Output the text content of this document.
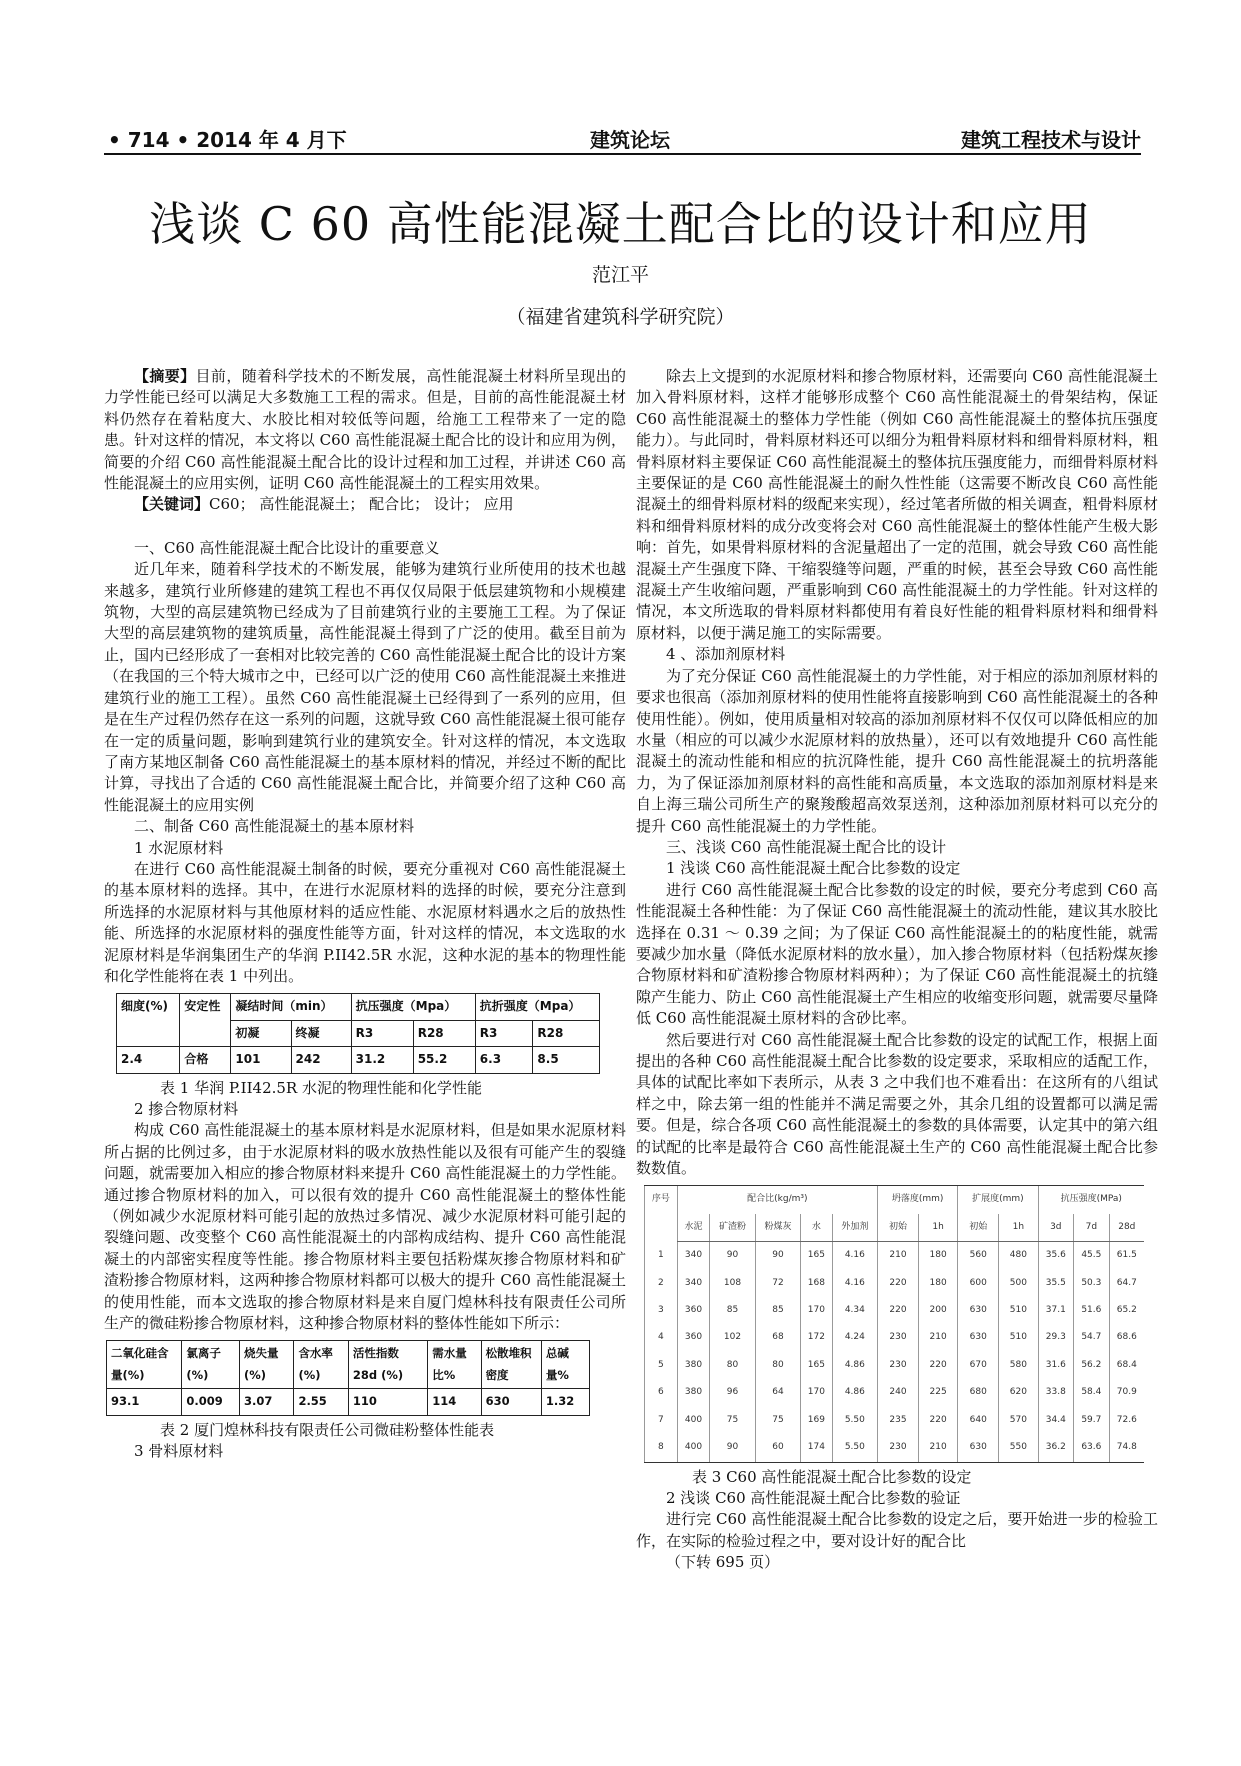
• 714 • 2014 年 4 月下	建筑论坛	建筑工程技术与设计
浅谈 C 60 高性能混凝土配合比的设计和应用
范江平
（福建省建筑科学研究院）

【摘要】目前，随着科学技术的不断发展，高性能混凝土材料所呈现出的力学性能已经可以满足大多数施工工程的需求。但是，目前的高性能混凝土材料仍然存在着粘度大、水胶比相对较低等问题，给施工工程带来了一定的隐患。针对这样的情况，本文将以 C60 高性能混凝土配合比的设计和应用为例，简要的介绍 C60 高性能混凝土配合比的设计过程和加工过程，并讲述 C60 高性能混凝土的应用实例，证明 C60 高性能混凝土的工程实用效果。

【关键词】C60； 高性能混凝土； 配合比； 设计； 应用

一、C60 高性能混凝土配合比设计的重要意义

近几年来，随着科学技术的不断发展，能够为建筑行业所使用的技术也越来越多，建筑行业所修建的建筑工程也不再仅仅局限于低层建筑物和小规模建筑物，大型的高层建筑物已经成为了目前建筑行业的主要施工工程。为了保证大型的高层建筑物的建筑质量，高性能混凝土得到了广泛的使用。截至目前为止，国内已经形成了一套相对比较完善的 C60 高性能混凝土配合比的设计方案（在我国的三个特大城市之中，已经可以广泛的使用 C60 高性能混凝土来推进建筑行业的施工工程）。虽然 C60 高性能混凝土已经得到了一系列的应用，但是在生产过程仍然存在这一系列的问题，这就导致 C60 高性能混凝土很可能存在一定的质量问题，影响到建筑行业的建筑安全。针对这样的情况，本文选取了南方某地区制备 C60 高性能混凝土的基本原材料的情况，并经过不断的配比计算，寻找出了合适的 C60 高性能混凝土配合比，并简要介绍了这种 C60 高性能混凝土的应用实例

二、制备 C60 高性能混凝土的基本原材料

1 水泥原材料

在进行 C60 高性能混凝土制备的时候，要充分重视对 C60 高性能混凝土的基本原材料的选择。其中，在进行水泥原材料的选择的时候，要充分注意到所选择的水泥原材料与其他原材料的适应性能、水泥原材料遇水之后的放热性能、所选择的水泥原材料的强度性能等方面，针对这样的情况，本文选取的水泥原材料是华润集团生产的华润 P.II42.5R 水泥，这种水泥的基本的物理性能和化学性能将在表 1 中列出。

细度(%)	安定性	凝结时间（min）		抗压强度（Mpa）		抗折强度（Mpa）	
		初凝	终凝	R3	R28	R3	R28
2.4	合格	101	242	31.2	55.2	6.3	8.5

表 1 华润 P.II42.5R 水泥的物理性能和化学性能

2 掺合物原材料

构成 C60 高性能混凝土的基本原材料是水泥原材料，但是如果水泥原材料所占据的比例过多，由于水泥原材料的吸水放热性能以及很有可能产生的裂缝问题，就需要加入相应的掺合物原材料来提升 C60 高性能混凝土的力学性能。通过掺合物原材料的加入，可以很有效的提升 C60 高性能混凝土的整体性能（例如减少水泥原材料可能引起的放热过多情况、减少水泥原材料可能引起的裂缝问题、改变整个 C60 高性能混凝土的内部构成结构、提升 C60 高性能混凝土的内部密实程度等性能。掺合物原材料主要包括粉煤灰掺合物原材料和矿渣粉掺合物原材料，这两种掺合物原材料都可以极大的提升 C60 高性能混凝土的使用性能，而本文选取的掺合物原材料是来自厦门煌林科技有限责任公司所生产的微硅粉掺合物原材料，这种掺合物原材料的整体性能如下所示：

二氧化硅含量(%)	氯离子(%)	烧失量(%)	含水率(%)	活性指数 28d (%)	需水量比%	松散堆积密度	总碱量%
93.1	0.009	3.07	2.55	110	114	630	1.32

表 2 厦门煌林科技有限责任公司微硅粉整体性能表

3 骨料原材料

除去上文提到的水泥原材料和掺合物原材料，还需要向 C60 高性能混凝土加入骨料原材料，这样才能够形成整个 C60 高性能混凝土的骨架结构，保证 C60 高性能混凝土的整体力学性能（例如 C60 高性能混凝土的整体抗压强度能力）。与此同时，骨料原材料还可以细分为粗骨料原材料和细骨料原材料，粗骨料原材料主要保证 C60 高性能混凝土的整体抗压强度能力，而细骨料原材料主要保证的是 C60 高性能混凝土的耐久性性能（这需要不断改良 C60 高性能混凝土的细骨料原材料的级配来实现），经过笔者所做的相关调查，粗骨料原材料和细骨料原材料的成分改变将会对 C60 高性能混凝土的整体性能产生极大影响：首先，如果骨料原材料的含泥量超出了一定的范围，就会导致 C60 高性能混凝土产生强度下降、干缩裂缝等问题，严重的时候，甚至会导致 C60 高性能混凝土产生收缩问题，严重影响到 C60 高性能混凝土的力学性能。针对这样的情况，本文所选取的骨料原材料都使用有着良好性能的粗骨料原材料和细骨料原材料，以便于满足施工的实际需要。

4 、添加剂原材料

为了充分保证 C60 高性能混凝土的力学性能，对于相应的添加剂原材料的要求也很高（添加剂原材料的使用性能将直接影响到 C60 高性能混凝土的各种使用性能）。例如，使用质量相对较高的添加剂原材料不仅仅可以降低相应的加水量（相应的可以减少水泥原材料的放热量），还可以有效地提升 C60 高性能混凝土的流动性能和相应的抗沉降性能，提升 C60 高性能混凝土的抗坍落能力，为了保证添加剂原材料的高性能和高质量，本文选取的添加剂原材料是来自上海三瑞公司所生产的聚羧酸超高效泵送剂，这种添加剂原材料可以充分的提升 C60 高性能混凝土的力学性能。

三、浅谈 C60 高性能混凝土配合比的设计

1 浅谈 C60 高性能混凝土配合比参数的设定

进行 C60 高性能混凝土配合比参数的设定的时候，要充分考虑到 C60 高性能混凝土各种性能：为了保证 C60 高性能混凝土的流动性能，建议其水胶比选择在 0.31 ～ 0.39 之间；为了保证 C60 高性能混凝土的的粘度性能，就需要减少加水量（降低水泥原材料的放水量），加入掺合物原材料（包括粉煤灰掺合物原材料和矿渣粉掺合物原材料两种）；为了保证 C60 高性能混凝土的抗缝隙产生能力、防止 C60 高性能混凝土产生相应的收缩变形问题，就需要尽量降低 C60 高性能混凝土原材料的含砂比率。

然后要进行对 C60 高性能混凝土配合比参数的设定的试配工作，根据上面提出的各种 C60 高性能混凝土配合比参数的设定要求，采取相应的适配工作，具体的试配比率如下表所示，从表 3 之中我们也不难看出：在这所有的八组试样之中，除去第一组的性能并不满足需要之外，其余几组的设置都可以满足需要。但是，综合各项 C60 高性能混凝土的参数的具体需要，认定其中的第六组的试配的比率是最符合 C60 高性能混凝土生产的 C60 高性能混凝土配合比参数数值。

序号	配合比(kg/m³)					坍落度(mm)		扩展度(mm)		抗压强度(MPa)		
	水泥	矿渣粉	粉煤灰	水	外加剂	初始	1h	初始	1h	3d	7d	28d
1	340	90	90	165	4.16	210	180	560	480	35.6	45.5	61.5
2	340	108	72	168	4.16	220	180	600	500	35.5	50.3	64.7
3	360	85	85	170	4.34	220	200	630	510	37.1	51.6	65.2
4	360	102	68	172	4.24	230	210	630	510	29.3	54.7	68.6
5	380	80	80	165	4.86	230	220	670	580	31.6	56.2	68.4
6	380	96	64	170	4.86	240	225	680	620	33.8	58.4	70.9
7	400	75	75	169	5.50	235	220	640	570	34.4	59.7	72.6
8	400	90	60	174	5.50	230	210	630	550	36.2	63.6	74.8

表 3 C60 高性能混凝土配合比参数的设定

2 浅谈 C60 高性能混凝土配合比参数的验证

进行完 C60 高性能混凝土配合比参数的设定之后，要开始进一步的检验工作，在实际的检验过程之中，要对设计好的配合比

（下转 695 页）
